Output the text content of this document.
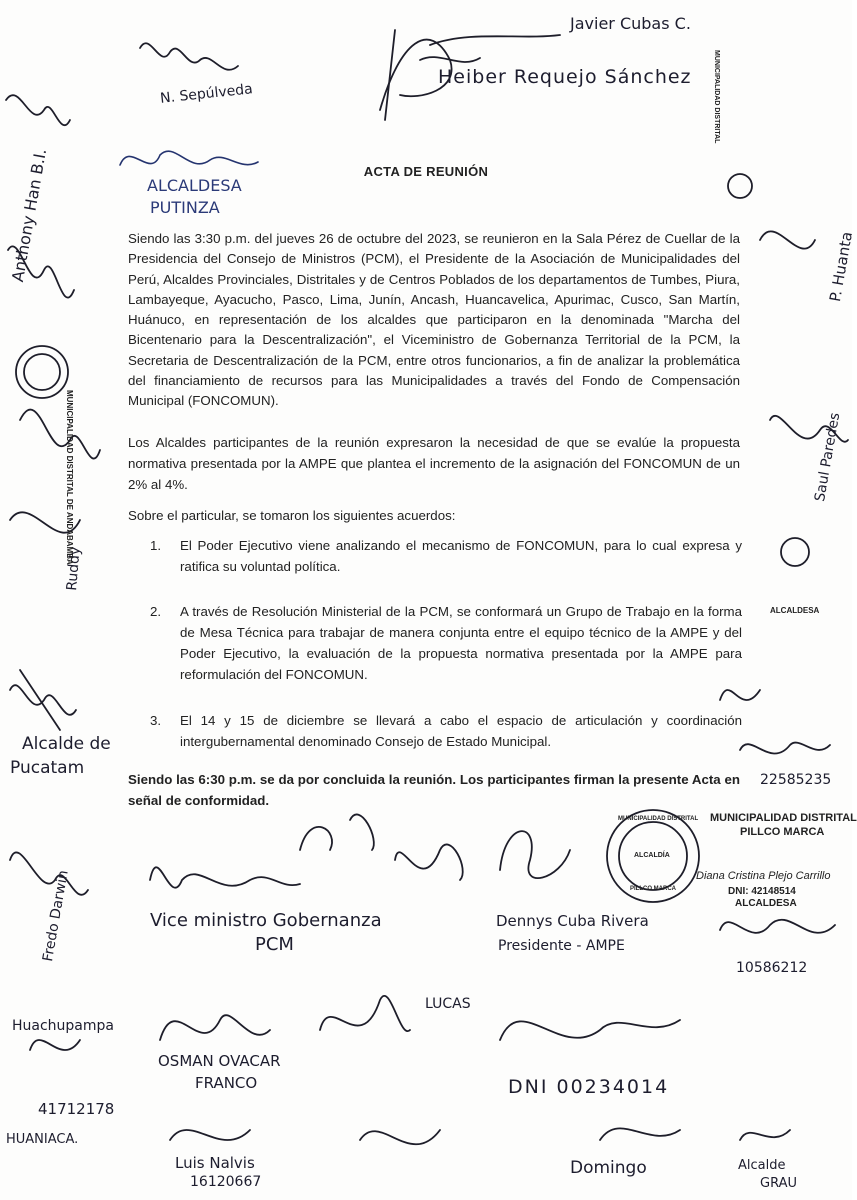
ACTA DE REUNIÓN
Siendo las 3:30 p.m. del jueves 26 de octubre del 2023, se reunieron en la Sala Pérez de Cuellar de la Presidencia del Consejo de Ministros (PCM), el Presidente de la Asociación de Municipalidades del Perú, Alcaldes Provinciales, Distritales y de Centros Poblados de los departamentos de Tumbes, Piura, Lambayeque, Ayacucho, Pasco, Lima, Junín, Ancash, Huancavelica, Apurimac, Cusco, San Martín, Huánuco, en representación de los alcaldes que participaron en la denominada "Marcha del Bicentenario para la Descentralización", el Viceministro de Gobernanza Territorial de la PCM, la Secretaria de Descentralización de la PCM, entre otros funcionarios, a fin de analizar la problemática del financiamiento de recursos para las Municipalidades a través del Fondo de Compensación Municipal (FONCOMUN).
Los Alcaldes participantes de la reunión expresaron la necesidad de que se evalúe la propuesta normativa presentada por la AMPE que plantea el incremento de la asignación del FONCOMUN de un 2% al 4%.
Sobre el particular, se tomaron los siguientes acuerdos:
1. El Poder Ejecutivo viene analizando el mecanismo de FONCOMUN, para lo cual expresa y ratifica su voluntad política.
2. A través de Resolución Ministerial de la PCM, se conformará un Grupo de Trabajo en la forma de Mesa Técnica para trabajar de manera conjunta entre el equipo técnico de la AMPE y del Poder Ejecutivo, la evaluación de la propuesta normativa presentada por la AMPE para reformulación del FONCOMUN.
3. El 14 y 15 de diciembre se llevará a cabo el espacio de articulación y coordinación intergubernamental denominado Consejo de Estado Municipal.
Siendo las 6:30 p.m. se da por concluida la reunión. Los participantes firman la presente Acta en señal de conformidad.
Javier Cubas C.
Heiber Requejo Sánchez
N. Sepúlveda
ALCALDESA
PUTINZA
Anthony Han B.I.
Alcalde de
Pucatam
Vice ministro Gobernanza
PCM
Dennys Cuba Rivera
Presidente - AMPE
Huachupampa
OSMAN OVACAR
FRANCO
41712178
HUANIACA.
Luis Nalvis
16120667
DNI 00234014
Domingo	Alcalde
GRAU
22585235
10586212
Saul Paredes
P. Huanta
Fredo Darwin
LUCAS
Ruddy
MUNICIPALIDAD DISTRITAL
PILLCO MARCA
MUNICIPALIDAD DISTRITAL
ALCALDÍA
PILLCO MARCA
Diana Cristina Plejo Carrillo
DNI: 42148514
ALCALDESA
MUNICIPALIDAD DISTRITAL DE ANDABAMBA
ALCALDESA
MUNICIPALIDAD DISTRITAL
